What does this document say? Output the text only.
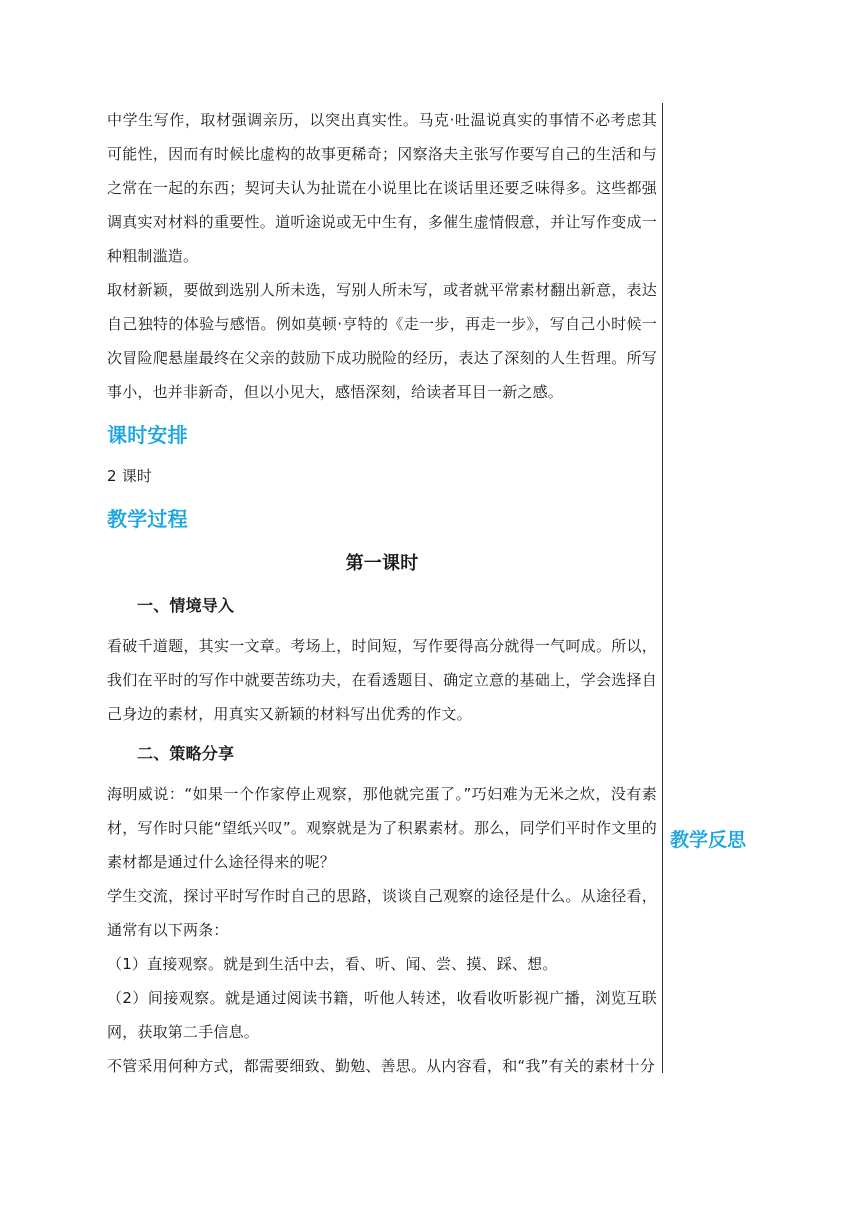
中学生写作，取材强调亲历，以突出真实性。马克·吐温说真实的事情不必考虑其可能性，因而有时候比虚构的故事更稀奇；冈察洛夫主张写作要写自己的生活和与之常在一起的东西；契诃夫认为扯谎在小说里比在谈话里还要乏味得多。这些都强调真实对材料的重要性。道听途说或无中生有，多催生虚情假意，并让写作变成一种粗制滥造。

取材新颖，要做到选别人所未选，写别人所未写，或者就平常素材翻出新意，表达自己独特的体验与感悟。例如莫顿·亨特的《走一步，再走一步》，写自己小时候一次冒险爬悬崖最终在父亲的鼓励下成功脱险的经历，表达了深刻的人生哲理。所写事小，也并非新奇，但以小见大，感悟深刻，给读者耳目一新之感。

课时安排

2 课时

教学过程
第一课时
一、情境导入

看破千道题，其实一文章。考场上，时间短，写作要得高分就得一气呵成。所以，我们在平时的写作中就要苦练功夫，在看透题目、确定立意的基础上，学会选择自己身边的素材，用真实又新颖的材料写出优秀的作文。

二、策略分享

海明威说：“如果一个作家停止观察，那他就完蛋了。”巧妇难为无米之炊，没有素材，写作时只能“望纸兴叹”。观察就是为了积累素材。那么，同学们平时作文里的素材都是通过什么途径得来的呢？

学生交流，探讨平时写作时自己的思路，谈谈自己观察的途径是什么。从途径看，通常有以下两条：

（1）直接观察。就是到生活中去，看、听、闻、尝、摸、踩、想。

（2）间接观察。就是通过阅读书籍，听他人转述，收看收听影视广播，浏览互联网，获取第二手信息。

不管采用何种方式，都需要细致、勤勉、善思。从内容看，和“我”有关的素材十分

教学反思
